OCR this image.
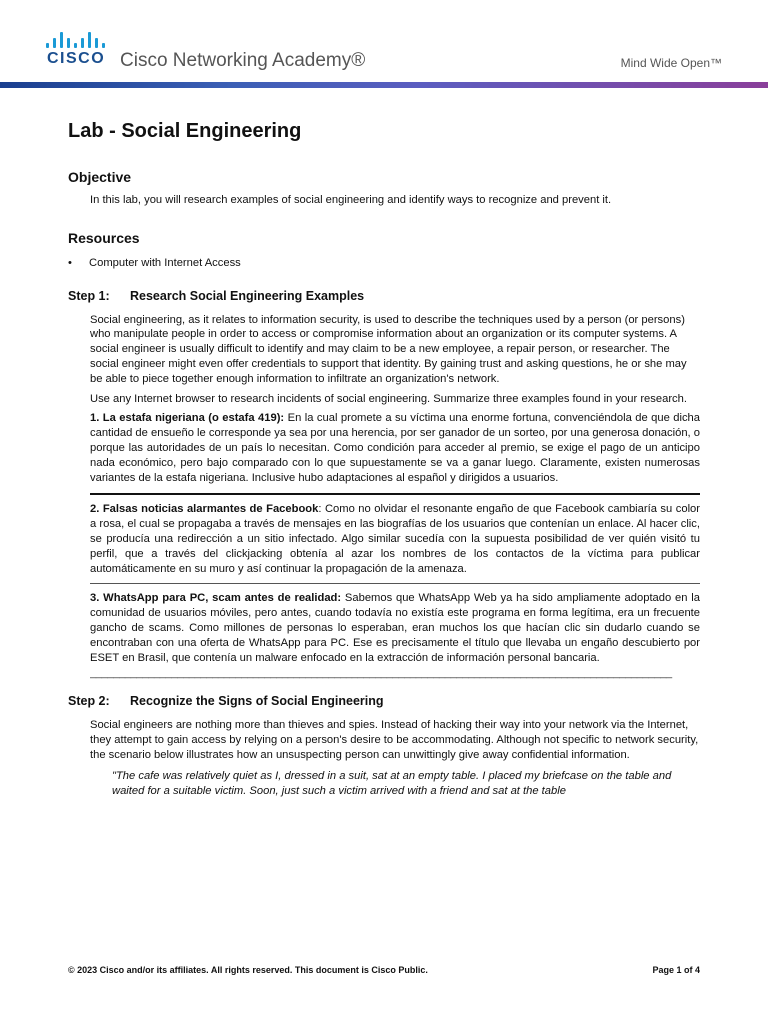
CISCO Cisco Networking Academy®	Mind Wide Open™
Lab - Social Engineering
Objective

In this lab, you will research examples of social engineering and identify ways to recognize and prevent it.

Resources
• Computer with Internet Access
Step 1: Research Social Engineering Examples

Social engineering, as it relates to information security, is used to describe the techniques used by a person (or persons) who manipulate people in order to access or compromise information about an organization or its computer systems. A social engineer is usually difficult to identify and may claim to be a new employee, a repair person, or researcher. The social engineer might even offer credentials to support that identity. By gaining trust and asking questions, he or she may be able to piece together enough information to infiltrate an organization's network.

Use any Internet browser to research incidents of social engineering. Summarize three examples found in your research.

1. La estafa nigeriana (o estafa 419): En la cual promete a su víctima una enorme fortuna, convenciéndola de que dicha cantidad de ensueño le corresponde ya sea por una herencia, por ser ganador de un sorteo, por una generosa donación, o porque las autoridades de un país lo necesitan. Como condición para acceder al premio, se exige el pago de un anticipo nada económico, pero bajo comparado con lo que supuestamente se va a ganar luego. Claramente, existen numerosas variantes de la estafa nigeriana. Inclusive hubo adaptaciones al español y dirigidos a usuarios.

2. Falsas noticias alarmantes de Facebook: Como no olvidar el resonante engaño de que Facebook cambiaría su color a rosa, el cual se propagaba a través de mensajes en las biografías de los usuarios que contenían un enlace. Al hacer clic, se producía una redirección a un sitio infectado. Algo similar sucedía con la supuesta posibilidad de ver quién visitó tu perfil, que a través del clickjacking obtenía al azar los nombres de los contactos de la víctima para publicar automáticamente en su muro y así continuar la propagación de la amenaza.

3. WhatsApp para PC, scam antes de realidad: Sabemos que WhatsApp Web ya ha sido ampliamente adoptado en la comunidad de usuarios móviles, pero antes, cuando todavía no existía este programa en forma legítima, era un frecuente gancho de scams. Como millones de personas lo esperaban, eran muchos los que hacían clic sin dudarlo cuando se encontraban con una oferta de WhatsApp para PC. Ese es precisamente el título que llevaba un engaño descubierto por ESET en Brasil, que contenía un malware enfocado en la extracción de información personal bancaria.

____________________________________________________________________________________________________
Step 2: Recognize the Signs of Social Engineering

Social engineers are nothing more than thieves and spies. Instead of hacking their way into your network via the Internet, they attempt to gain access by relying on a person's desire to be accommodating. Although not specific to network security, the scenario below illustrates how an unsuspecting person can unwittingly give away confidential information.

"The cafe was relatively quiet as I, dressed in a suit, sat at an empty table. I placed my briefcase on the table and waited for a suitable victim. Soon, just such a victim arrived with a friend and sat at the table

© 2023 Cisco and/or its affiliates. All rights reserved. This document is Cisco Public.	Page 1 of 4
